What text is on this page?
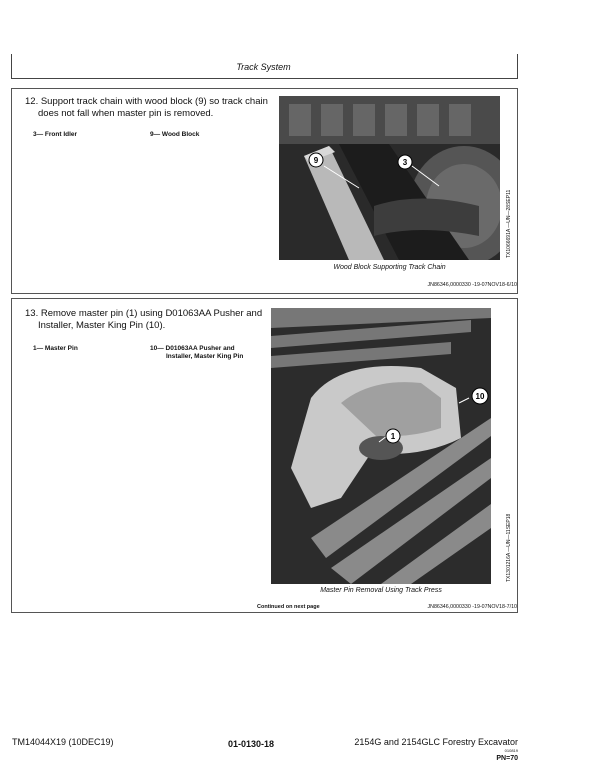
Track System
12. Support track chain with wood block (9) so track chain
does not fall when master pin is removed.
3— Front Idler	9— Wood Block
9	3
TX1066691A —UN—28SEP11
Wood Block Supporting Track Chain
JN86346,0000330 -19-07NOV18-6/10
13. Remove master pin (1) using D01063AA Pusher and
Installer, Master King Pin (10).
1— Master Pin	10— D01063AA Pusher and
Installer, Master King Pin
10
1
TX1301216A —UN—11SEP18
Master Pin Removal Using Track Press
JN86346,0000330 -19-07NOV18-7/10
Continued on next page
TM14044X19 (10DEC19)	01-0130-18	2154G and 2154GLC Forestry Excavator
010819
PN=70
